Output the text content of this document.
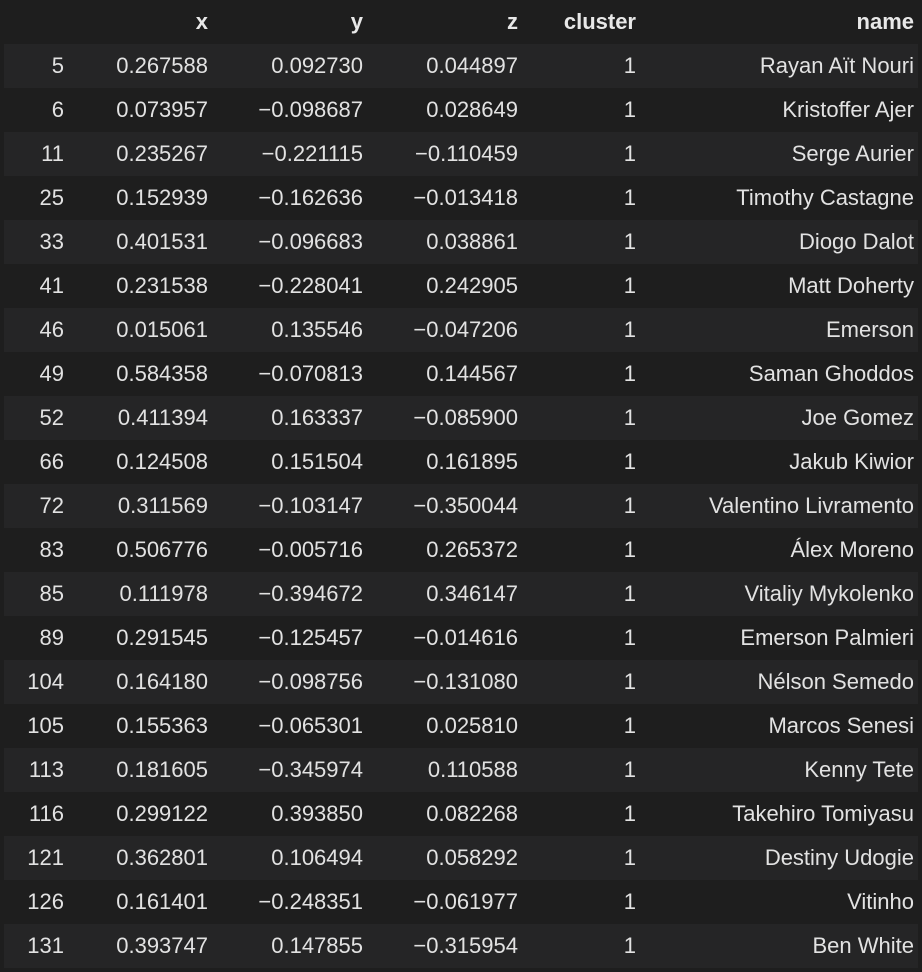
	x	y	z	cluster	name
5	0.267588	0.092730	0.044897	1	Rayan Aït Nouri
6	0.073957	−0.098687	0.028649	1	Kristoffer Ajer
11	0.235267	−0.221115	−0.110459	1	Serge Aurier
25	0.152939	−0.162636	−0.013418	1	Timothy Castagne
33	0.401531	−0.096683	0.038861	1	Diogo Dalot
41	0.231538	−0.228041	0.242905	1	Matt Doherty
46	0.015061	0.135546	−0.047206	1	Emerson
49	0.584358	−0.070813	0.144567	1	Saman Ghoddos
52	0.411394	0.163337	−0.085900	1	Joe Gomez
66	0.124508	0.151504	0.161895	1	Jakub Kiwior
72	0.311569	−0.103147	−0.350044	1	Valentino Livramento
83	0.506776	−0.005716	0.265372	1	Álex Moreno
85	0.111978	−0.394672	0.346147	1	Vitaliy Mykolenko
89	0.291545	−0.125457	−0.014616	1	Emerson Palmieri
104	0.164180	−0.098756	−0.131080	1	Nélson Semedo
105	0.155363	−0.065301	0.025810	1	Marcos Senesi
113	0.181605	−0.345974	0.110588	1	Kenny Tete
116	0.299122	0.393850	0.082268	1	Takehiro Tomiyasu
121	0.362801	0.106494	0.058292	1	Destiny Udogie
126	0.161401	−0.248351	−0.061977	1	Vitinho
131	0.393747	0.147855	−0.315954	1	Ben White
